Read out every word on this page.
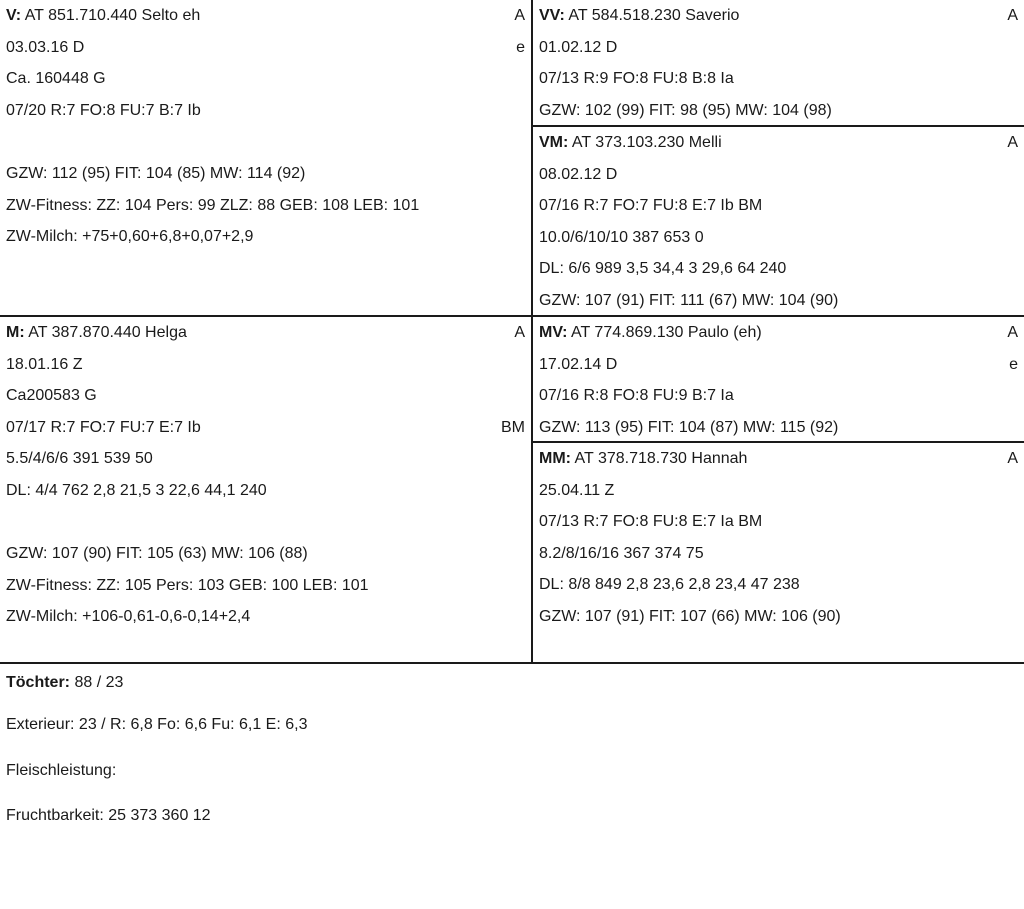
V: AT 851.710.440 Selto eh	A
03.03.16 D	e
Ca. 160448 G
07/20 R:7 FO:8 FU:7 B:7 Ib
GZW: 112 (95) FIT: 104 (85) MW: 114 (92)
ZW-Fitness: ZZ: 104 Pers: 99 ZLZ: 88 GEB: 108 LEB: 101
ZW-Milch: +75+0,60+6,8+0,07+2,9
VV: AT 584.518.230 Saverio	A
01.02.12 D
07/13 R:9 FO:8 FU:8 B:8 Ia
GZW: 102 (99) FIT: 98 (95) MW: 104 (98)
VM: AT 373.103.230 Melli	A
08.02.12 D
07/16 R:7 FO:7 FU:8 E:7 Ib BM
10.0/6/10/10 387 653 0
DL: 6/6 989 3,5 34,4 3 29,6 64 240
GZW: 107 (91) FIT: 111 (67) MW: 104 (90)
M: AT 387.870.440 Helga	A
18.01.16 Z
Ca200583 G
07/17 R:7 FO:7 FU:7 E:7 Ib	BM
5.5/4/6/6 391 539 50
DL: 4/4 762 2,8 21,5 3 22,6 44,1 240
GZW: 107 (90) FIT: 105 (63) MW: 106 (88)
ZW-Fitness: ZZ: 105 Pers: 103 GEB: 100 LEB: 101
ZW-Milch: +106-0,61-0,6-0,14+2,4
MV: AT 774.869.130 Paulo (eh)	A
17.02.14 D	e
07/16 R:8 FO:8 FU:9 B:7 Ia
GZW: 113 (95) FIT: 104 (87) MW: 115 (92)
MM: AT 378.718.730 Hannah	A
25.04.11 Z
07/13 R:7 FO:8 FU:8 E:7 Ia BM
8.2/8/16/16 367 374 75
DL: 8/8 849 2,8 23,6 2,8 23,4 47 238
GZW: 107 (91) FIT: 107 (66) MW: 106 (90)
Töchter: 88 / 23
Exterieur: 23 / R: 6,8 Fo: 6,6 Fu: 6,1 E: 6,3
Fleischleistung:
Fruchtbarkeit: 25 373 360 12
